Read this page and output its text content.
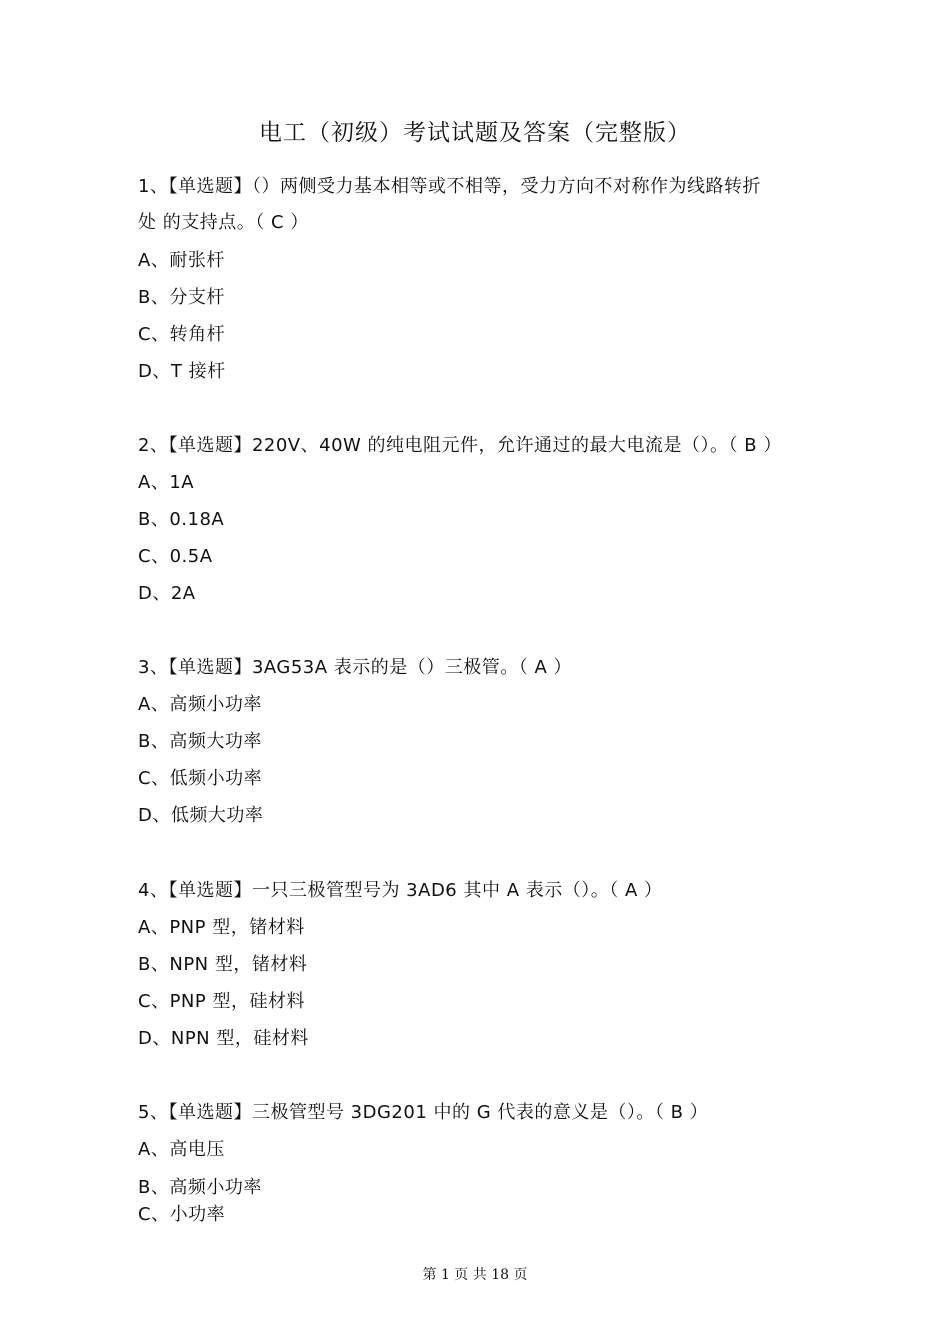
电工（初级）考试试题及答案（完整版）
1、【单选题】（）两侧受力基本相等或不相等，受力方向不对称作为线路转折
处 的支持点。（ C ）
A、耐张杆
B、分支杆
C、转角杆
D、T 接杆
2、【单选题】220V、40W 的纯电阻元件，允许通过的最大电流是（）。（ B ）
A、1A
B、0.18A
C、0.5A
D、2A
3、【单选题】3AG53A 表示的是（）三极管。（ A ）
A、高频小功率
B、高频大功率
C、低频小功率
D、低频大功率
4、【单选题】一只三极管型号为 3AD6 其中 A 表示（）。（ A ）
A、PNP 型，锗材料
B、NPN 型，锗材料
C、PNP 型，硅材料
D、NPN 型，硅材料
5、【单选题】三极管型号 3DG201 中的 G 代表的意义是（）。（ B ）
A、高电压
B、高频小功率
C、小功率
第 1 页 共 18 页
